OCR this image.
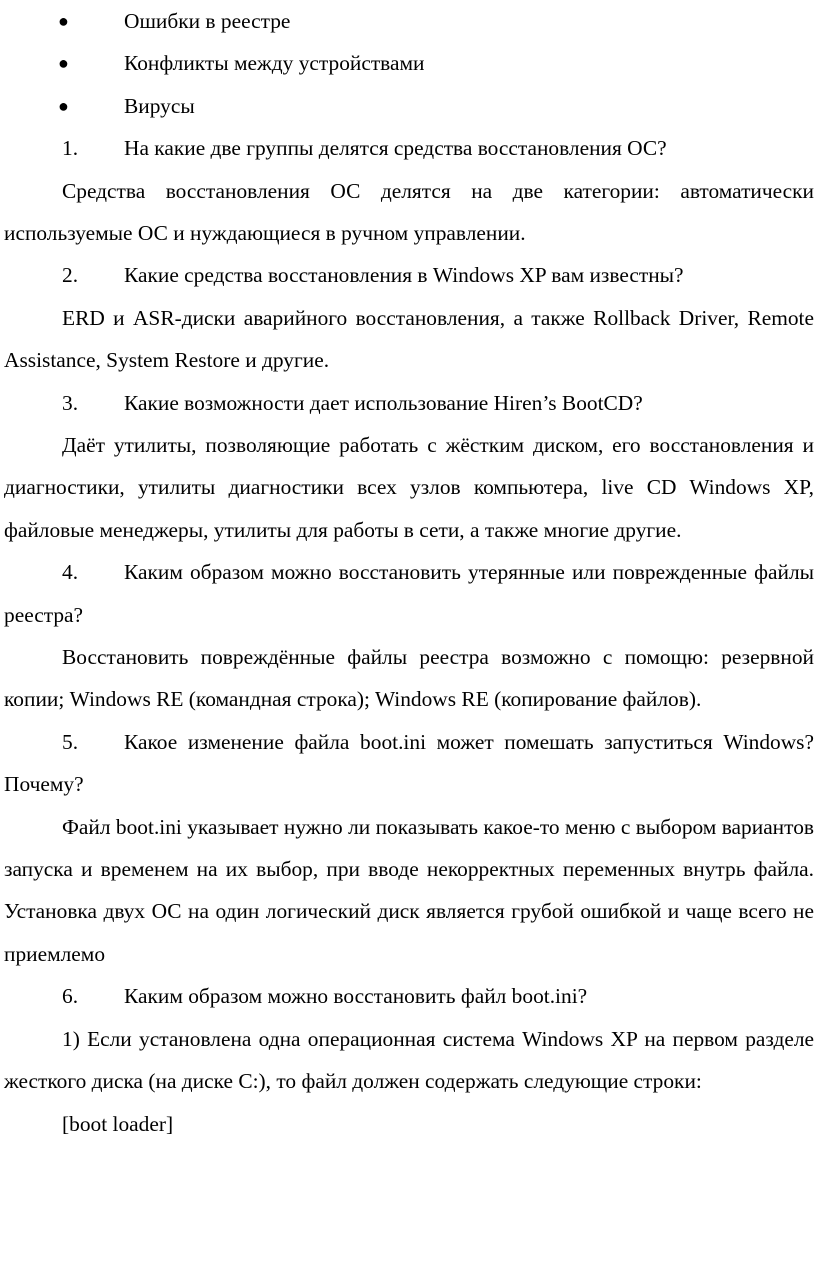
●	Ошибки в реестре
●	Конфликты между устройствами
●	Вирусы
1.	На какие две группы делятся средства восстановления ОС?

Средства восстановления ОС делятся на две категории: автоматически используемые ОС и нуждающиеся в ручном управлении.

2.	Какие средства восстановления в Windows XP вам известны?

ERD и ASR-диски аварийного восстановления, а также Rollback Driver, Remote Assistance, System Restore и другие.

3.	Какие возможности дает использование Hiren’s BootCD?

Даёт утилиты, позволяющие работать с жёстким диском, его восстановления и диагностики, утилиты диагностики всех узлов компьютера, live CD Windows XP, файловые менеджеры, утилиты для работы в сети, а также многие другие.

4.	Каким образом можно восстановить утерянные или поврежденные файлы реестра?

Восстановить повреждённые файлы реестра возможно с помощю: резервной копии; Windows RE (командная строка); Windows RE (копирование файлов).

5.	Какое изменение файла boot.ini может помешать запуститься Windows? Почему?

Файл boot.ini указывает нужно ли показывать какое-то меню с выбором вариантов запуска и временем на их выбор, при вводе некорректных переменных внутрь файла. Установка двух ОС на один логический диск является грубой ошибкой и чаще всего не приемлемо

6.	Каким образом можно восстановить файл boot.ini?

1) Если установлена одна операционная система Windows XP на первом разделе жесткого диска (на диске C:), то файл должен содержать следующие строки:

[boot loader]
